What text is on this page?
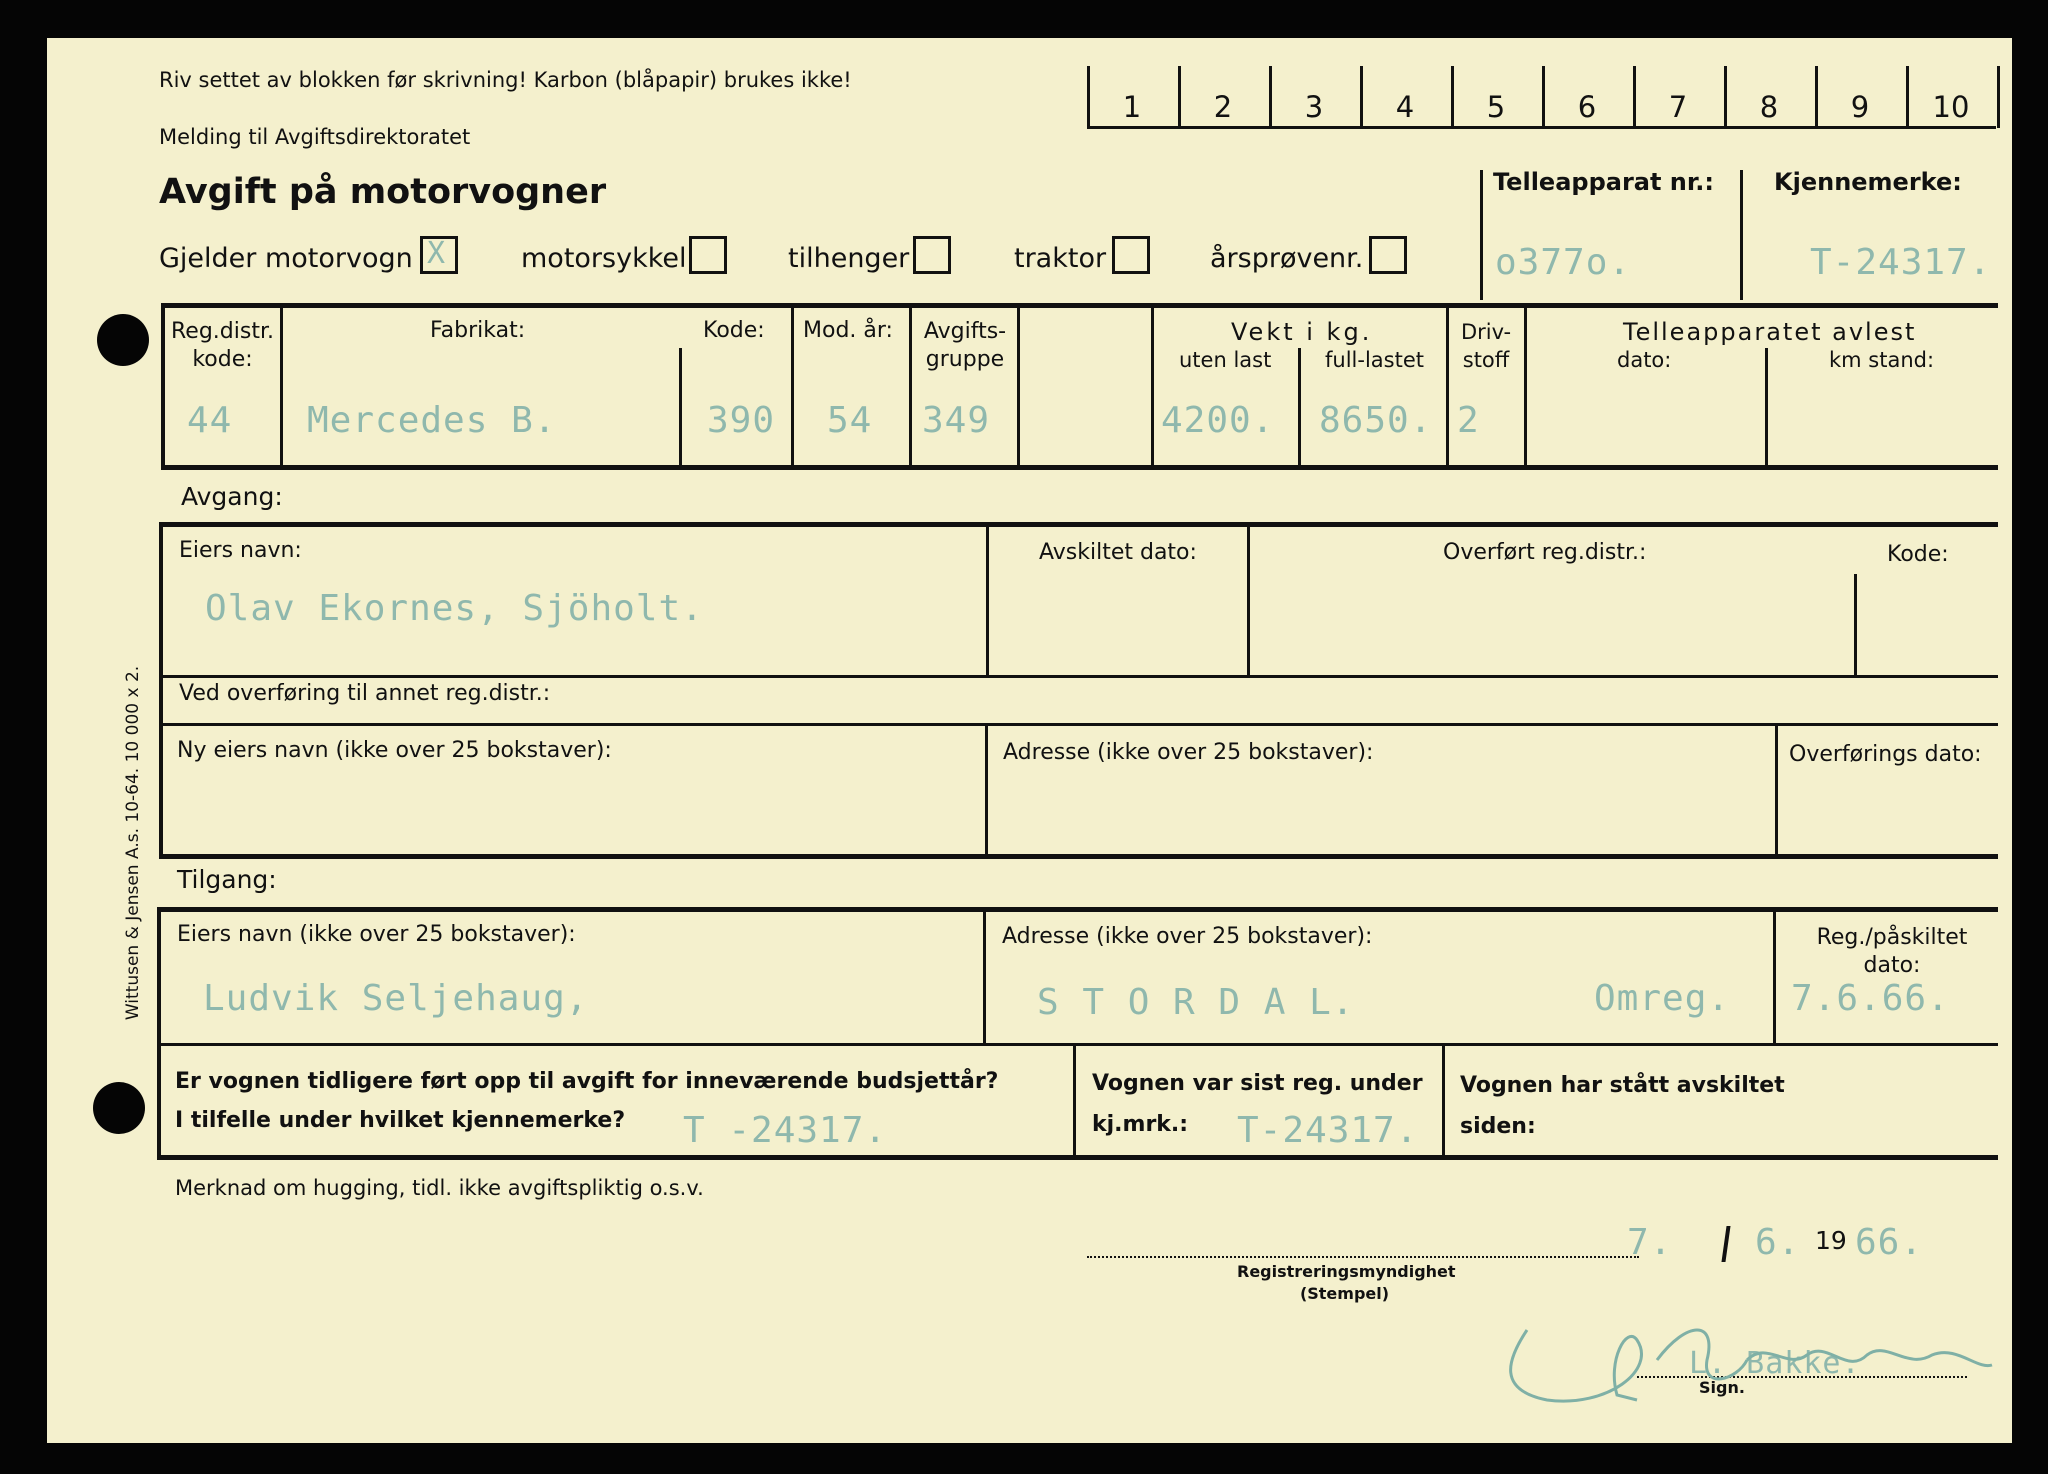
Riv settet av blokken før skrivning! Karbon (blåpapir) brukes ikke!
Melding til Avgiftsdirektoratet
Avgift på motorvogner
Gjelder motorvogn X	motorsykkel	tilhenger	traktor	årsprøvenr.
Telleapparat nr.:
o377o.
Kjennemerke:
T-24317.
Reg.distr. kode:
44
Fabrikat:
Mercedes B.
Kode:
390
Mod. år:
54
Avgifts-gruppe
349
Vekt i kg.
uten last
4200.
full-lastet
8650.
Driv-stoff
2
Telleapparatet avlest
dato:	km stand:
Avgang:
Eiers navn:
Olav Ekornes, Sjöholt.
Avskiltet dato:	Overført reg.distr.:	Kode:
Ved overføring til annet reg.distr.:
Ny eiers navn (ikke over 25 bokstaver):	Adresse (ikke over 25 bokstaver):	Overførings dato:
Tilgang:
Eiers navn (ikke over 25 bokstaver):
Ludvik Seljehaug,
Adresse (ikke over 25 bokstaver):
S T O R D A L.	Omreg.
Reg./påskiltet dato:
7.6.66.
Er vognen tidligere ført opp til avgift for inneværende budsjettår?
I tilfelle under hvilket kjennemerke? T -24317.
Vognen var sist reg. under
kj.mrk.: T-24317.
Vognen har stått avskiltet
siden:
Merknad om hugging, tidl. ikke avgiftspliktig o.s.v.
7. 6. 19 66.
Registreringsmyndighet
(Stempel)
L. Bakke.
Sign.
Wittusen & Jensen A.s. 10-64. 10 000 x 2.
1	2	3	4	5	6	7	8	9	10
